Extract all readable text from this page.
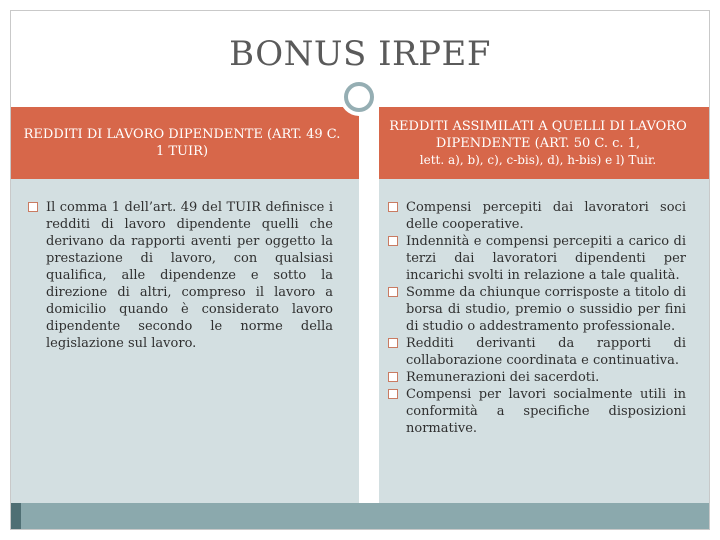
BONUS IRPEF
REDDITI DI LAVORO DIPENDENTE (ART. 49 C. 1 TUIR)
REDDITI ASSIMILATI A QUELLI DI LAVORO DIPENDENTE (ART. 50 C. c. 1,
lett. a), b), c), c-bis), d), h-bis) e l) Tuir.
Il comma 1 dell’art. 49 del TUIR definisce i redditi di lavoro dipendente quelli che derivano da rapporti aventi per oggetto la prestazione di lavoro, con qualsiasi qualifica, alle dipendenze e sotto la direzione di altri, compreso il lavoro a domicilio quando è considerato lavoro dipendente secondo le norme della legislazione sul lavoro.
Compensi percepiti dai lavoratori soci delle cooperative.
Indennità e compensi percepiti a carico di terzi dai lavoratori dipendenti per incarichi svolti in relazione a tale qualità.
Somme da chiunque corrisposte a titolo di borsa di studio, premio o sussidio per fini di studio o addestramento professionale.
Redditi derivanti da rapporti di collaborazione coordinata e continuativa.
Remunerazioni dei sacerdoti.
Compensi per lavori socialmente utili in conformità a specifiche disposizioni normative.
